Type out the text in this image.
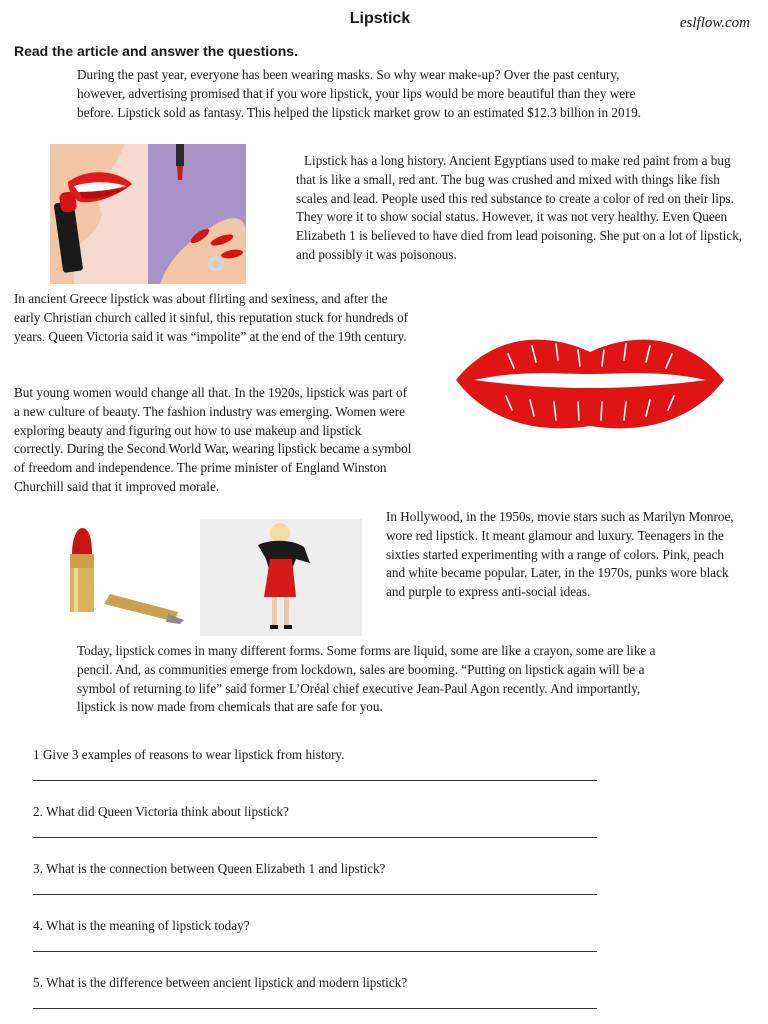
Lipstick	eslflow.com
Read the article and answer the questions.

During the past year, everyone has been wearing masks. So why wear make-up? Over the past century, however, advertising promised that if you wore lipstick, your lips would be more beautiful than they were before. Lipstick sold as fantasy. This helped the lipstick market grow to an estimated $12.3 billion in 2019.

Lipstick has a long history. Ancient Egyptians used to make red paint from a bug that is like a small, red ant. The bug was crushed and mixed with things like fish scales and lead. People used this red substance to create a color of red on their lips. They wore it to show social status. However, it was not very healthy. Even Queen Elizabeth 1 is believed to have died from lead poisoning. She put on a lot of lipstick, and possibly it was poisonous.

In ancient Greece lipstick was about flirting and sexiness, and after the early Christian church called it sinful, this reputation stuck for hundreds of years. Queen Victoria said it was “impolite” at the end of the 19th century.

But young women would change all that. In the 1920s, lipstick was part of a new culture of beauty. The fashion industry was emerging. Women were exploring beauty and figuring out how to use makeup and lipstick correctly. During the Second World War, wearing lipstick became a symbol of freedom and independence. The prime minister of England Winston Churchill said that it improved morale.

In Hollywood, in the 1950s, movie stars such as Marilyn Monroe, wore red lipstick. It meant glamour and luxury. Teenagers in the sixties started experimenting with a range of colors. Pink, peach and white became popular. Later, in the 1970s, punks wore black and purple to express anti-social ideas.

Today, lipstick comes in many different forms. Some forms are liquid, some are like a crayon, some are like a pencil. And, as communities emerge from lockdown, sales are booming. “Putting on lipstick again will be a symbol of returning to life” said former L’Oréal chief executive Jean-Paul Agon recently. And importantly, lipstick is now made from chemicals that are safe for you.

1 Give 3 examples of reasons to wear lipstick from history.
2. What did Queen Victoria think about lipstick?
3. What is the connection between Queen Elizabeth 1 and lipstick?
4. What is the meaning of lipstick today?
5. What is the difference between ancient lipstick and modern lipstick?
